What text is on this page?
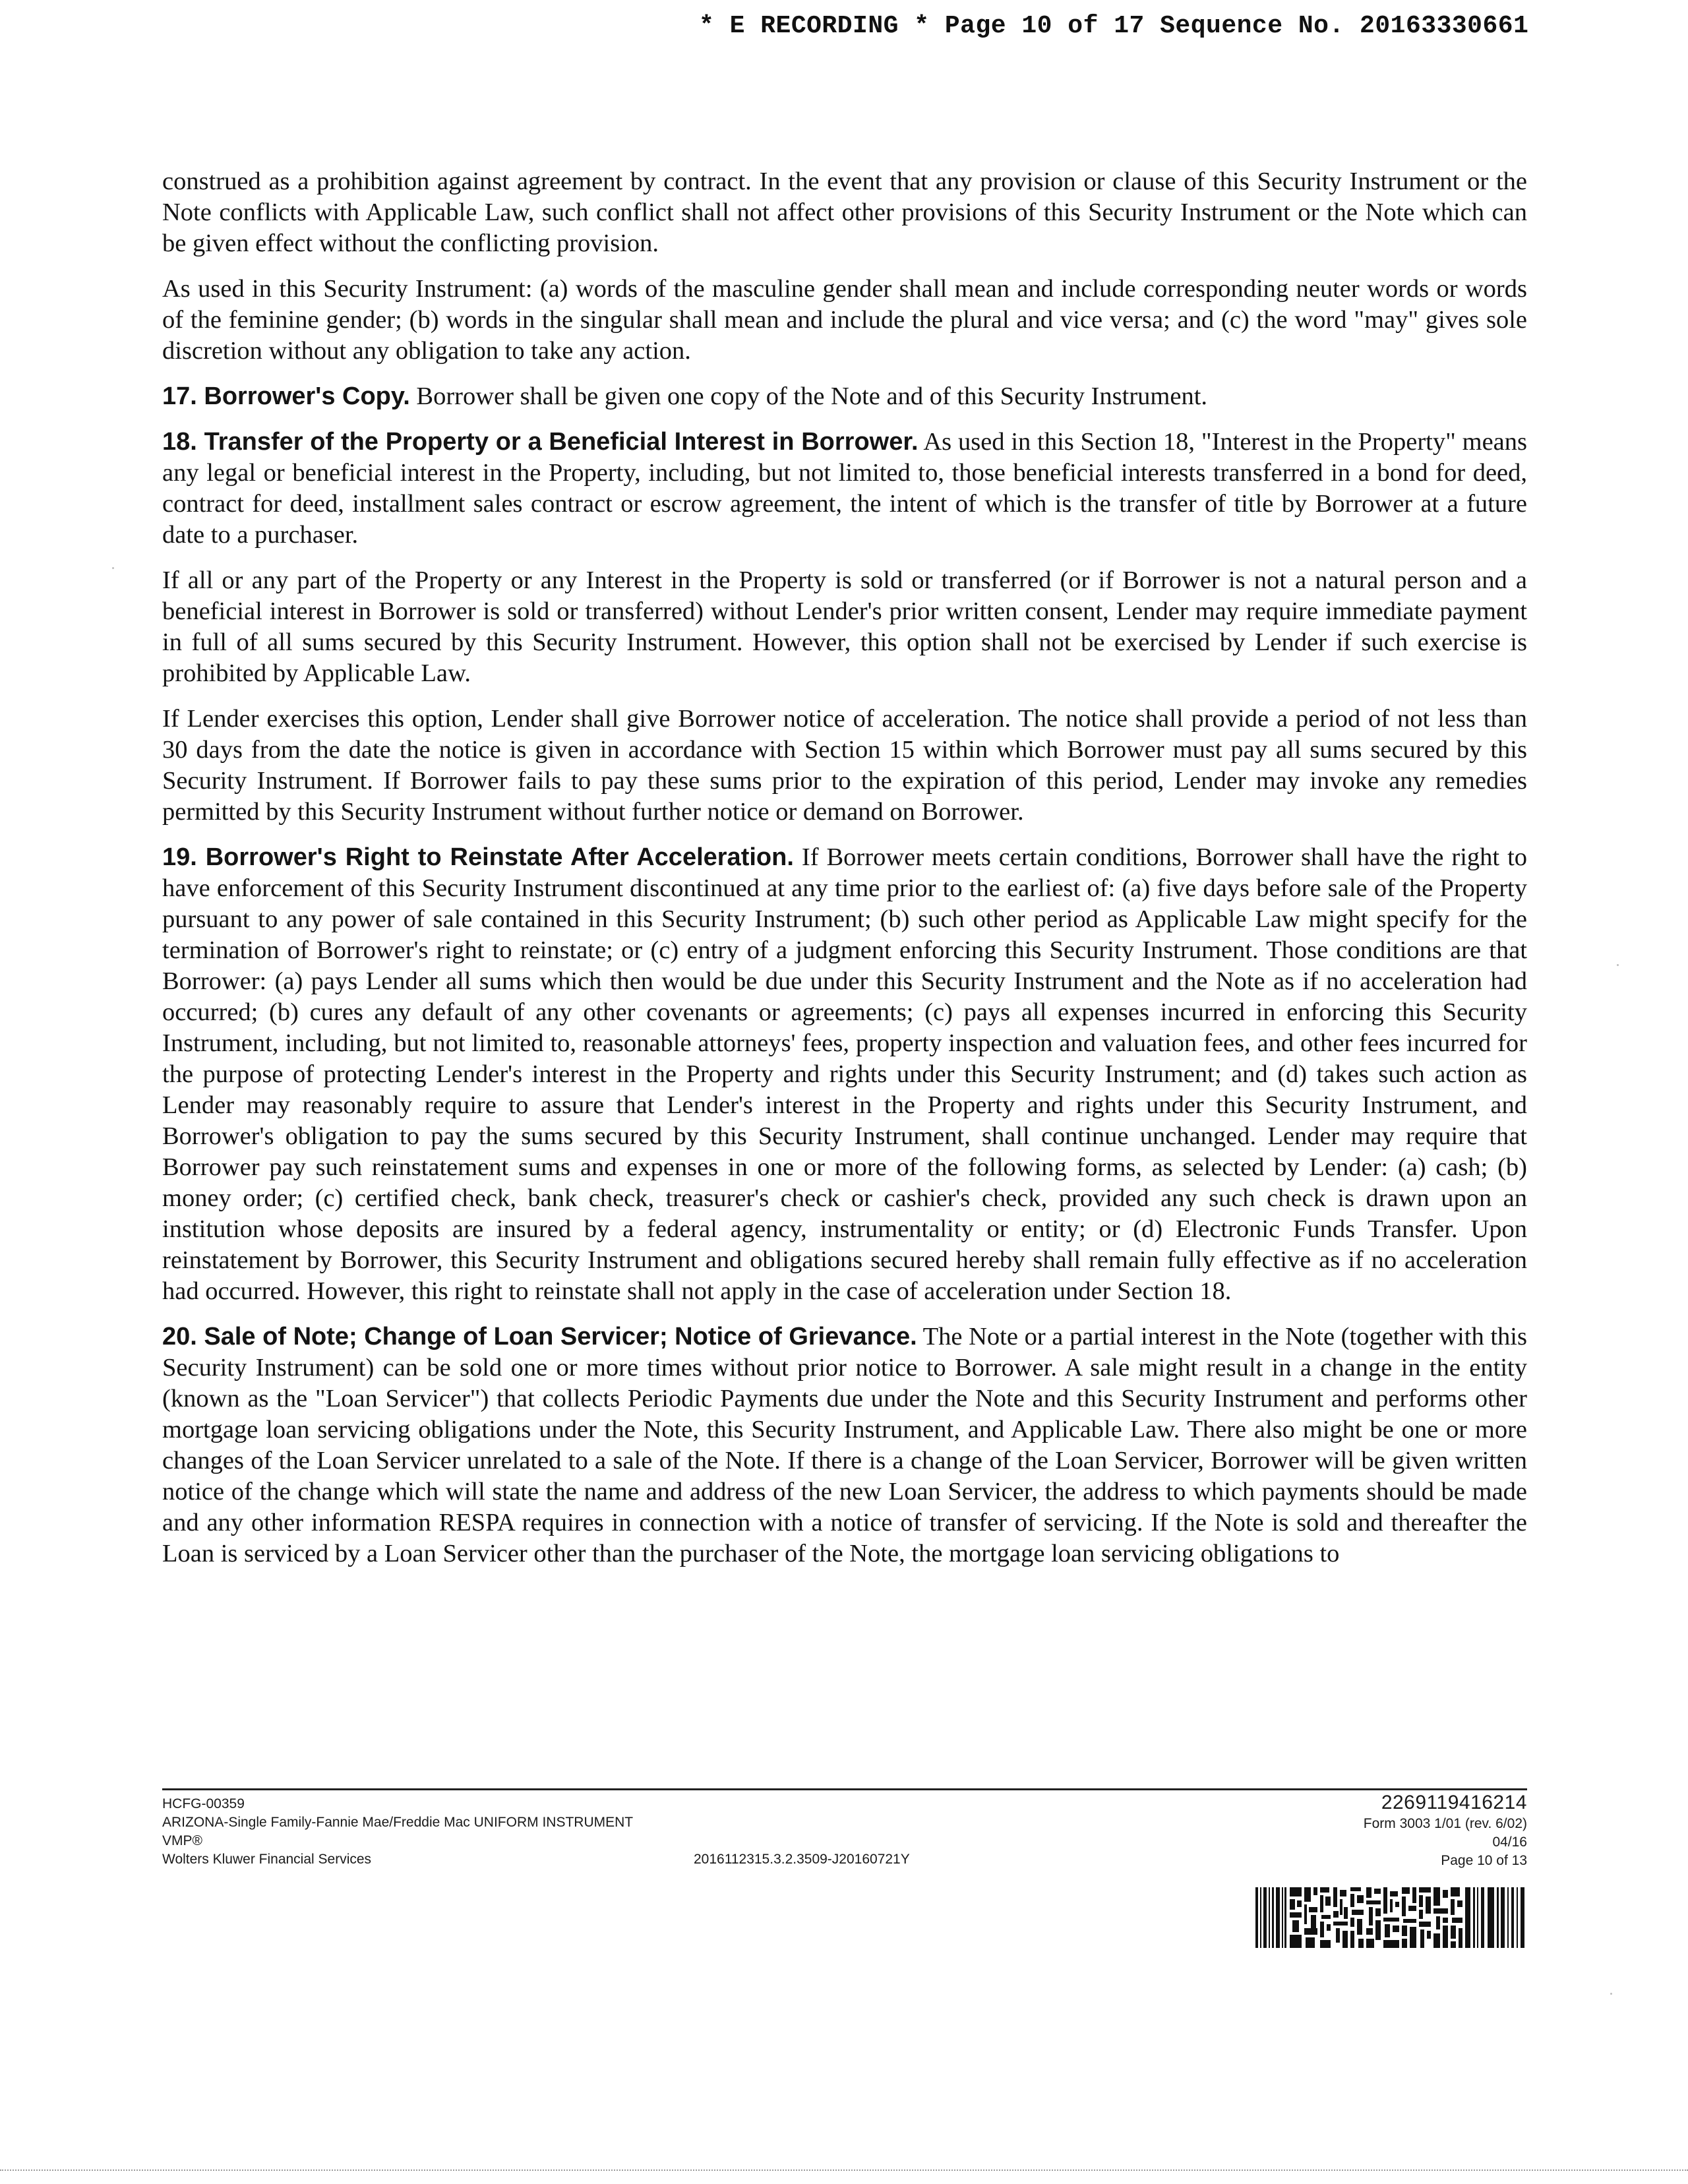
* E RECORDING * Page 10 of 17 Sequence No. 20163330661

construed as a prohibition against agreement by contract. In the event that any provision or clause of this Security Instrument or the Note conflicts with Applicable Law, such conflict shall not affect other provisions of this Security Instrument or the Note which can be given effect without the conflicting provision.

As used in this Security Instrument: (a) words of the masculine gender shall mean and include corresponding neuter words or words of the feminine gender; (b) words in the singular shall mean and include the plural and vice versa; and (c) the word "may" gives sole discretion without any obligation to take any action.

17. Borrower's Copy. Borrower shall be given one copy of the Note and of this Security Instrument.

18. Transfer of the Property or a Beneficial Interest in Borrower. As used in this Section 18, "Interest in the Property" means any legal or beneficial interest in the Property, including, but not limited to, those beneficial interests transferred in a bond for deed, contract for deed, installment sales contract or escrow agreement, the intent of which is the transfer of title by Borrower at a future date to a purchaser.

If all or any part of the Property or any Interest in the Property is sold or transferred (or if Borrower is not a natural person and a beneficial interest in Borrower is sold or transferred) without Lender's prior written consent, Lender may require immediate payment in full of all sums secured by this Security Instrument. However, this option shall not be exercised by Lender if such exercise is prohibited by Applicable Law.

If Lender exercises this option, Lender shall give Borrower notice of acceleration. The notice shall provide a period of not less than 30 days from the date the notice is given in accordance with Section 15 within which Borrower must pay all sums secured by this Security Instrument. If Borrower fails to pay these sums prior to the expiration of this period, Lender may invoke any remedies permitted by this Security Instrument without further notice or demand on Borrower.

19. Borrower's Right to Reinstate After Acceleration. If Borrower meets certain conditions, Borrower shall have the right to have enforcement of this Security Instrument discontinued at any time prior to the earliest of: (a) five days before sale of the Property pursuant to any power of sale contained in this Security Instrument; (b) such other period as Applicable Law might specify for the termination of Borrower's right to reinstate; or (c) entry of a judgment enforcing this Security Instrument. Those conditions are that Borrower: (a) pays Lender all sums which then would be due under this Security Instrument and the Note as if no acceleration had occurred; (b) cures any default of any other covenants or agreements; (c) pays all expenses incurred in enforcing this Security Instrument, including, but not limited to, reasonable attorneys' fees, property inspection and valuation fees, and other fees incurred for the purpose of protecting Lender's interest in the Property and rights under this Security Instrument; and (d) takes such action as Lender may reasonably require to assure that Lender's interest in the Property and rights under this Security Instrument, and Borrower's obligation to pay the sums secured by this Security Instrument, shall continue unchanged. Lender may require that Borrower pay such reinstatement sums and expenses in one or more of the following forms, as selected by Lender: (a) cash; (b) money order; (c) certified check, bank check, treasurer's check or cashier's check, provided any such check is drawn upon an institution whose deposits are insured by a federal agency, instrumentality or entity; or (d) Electronic Funds Transfer. Upon reinstatement by Borrower, this Security Instrument and obligations secured hereby shall remain fully effective as if no acceleration had occurred. However, this right to reinstate shall not apply in the case of acceleration under Section 18.

20. Sale of Note; Change of Loan Servicer; Notice of Grievance. The Note or a partial interest in the Note (together with this Security Instrument) can be sold one or more times without prior notice to Borrower. A sale might result in a change in the entity (known as the "Loan Servicer") that collects Periodic Payments due under the Note and this Security Instrument and performs other mortgage loan servicing obligations under the Note, this Security Instrument, and Applicable Law. There also might be one or more changes of the Loan Servicer unrelated to a sale of the Note. If there is a change of the Loan Servicer, Borrower will be given written notice of the change which will state the name and address of the new Loan Servicer, the address to which payments should be made and any other information RESPA requires in connection with a notice of transfer of servicing. If the Note is sold and thereafter the Loan is serviced by a Loan Servicer other than the purchaser of the Note, the mortgage loan servicing obligations to

HCFG-00359
ARIZONA-Single Family-Fannie Mae/Freddie Mac UNIFORM INSTRUMENT
VMP®
Wolters Kluwer Financial Services	2016112315.3.2.3509-J20160721Y
2269119416214
Form 3003 1/01 (rev. 6/02)
04/16
Page 10 of 13
